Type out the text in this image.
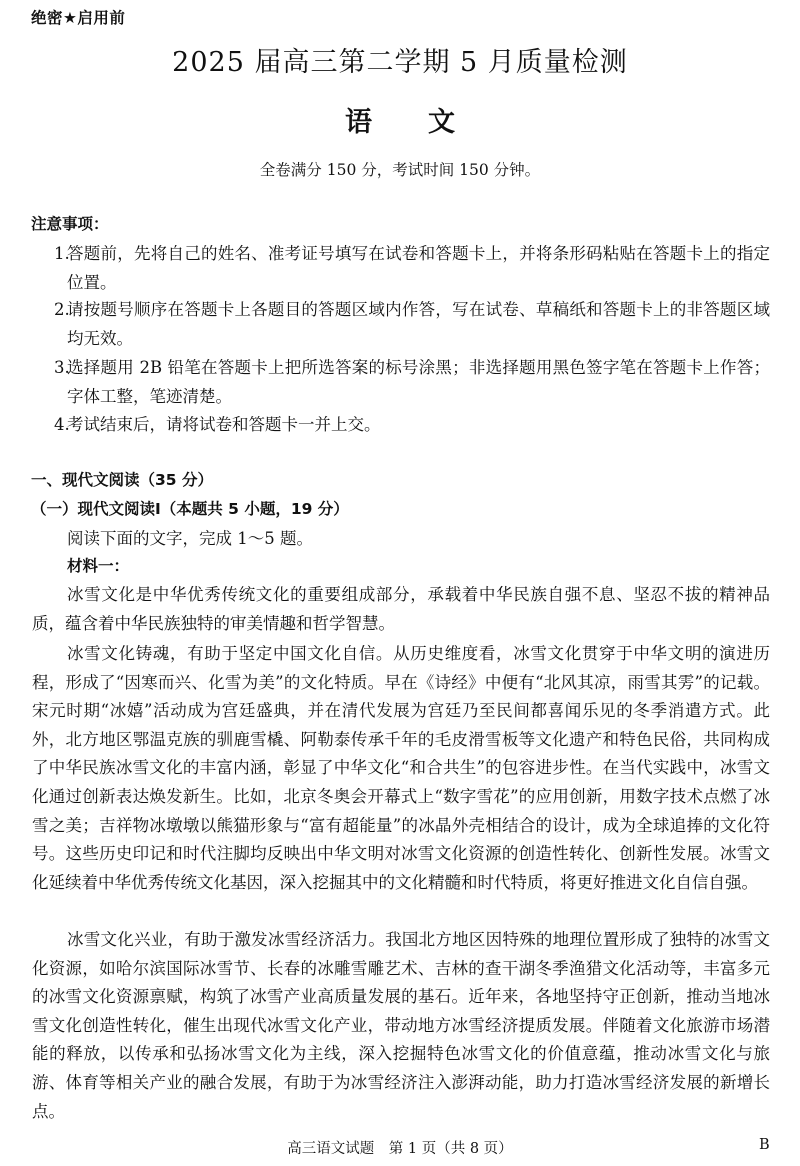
绝密★启用前
2025 届高三第二学期 5 月质量检测
语文
全卷满分 150 分，考试时间 150 分钟。
注意事项：
1.
答题前，先将自己的姓名、准考证号填写在试卷和答题卡上，并将条形码粘贴在答题卡上的指定位置。
2.
请按题号顺序在答题卡上各题目的答题区域内作答，写在试卷、草稿纸和答题卡上的非答题区域均无效。
3.
选择题用 2B 铅笔在答题卡上把所选答案的标号涂黑；非选择题用黑色签字笔在答题卡上作答；字体工整，笔迹清楚。
4.
考试结束后，请将试卷和答题卡一并上交。
一、现代文阅读（35 分）
（一）现代文阅读Ⅰ（本题共 5 小题，19 分）
阅读下面的文字，完成 1～5 题。
材料一：

冰雪文化是中华优秀传统文化的重要组成部分，承载着中华民族自强不息、坚忍不拔的精神品质，蕴含着中华民族独特的审美情趣和哲学智慧。

冰雪文化铸魂，有助于坚定中国文化自信。从历史维度看，冰雪文化贯穿于中华文明的演进历程，形成了“因寒而兴、化雪为美”的文化特质。早在《诗经》中便有“北风其凉，雨雪其雱”的记载。宋元时期“冰嬉”活动成为宫廷盛典，并在清代发展为宫廷乃至民间都喜闻乐见的冬季消遣方式。此外，北方地区鄂温克族的驯鹿雪橇、阿勒泰传承千年的毛皮滑雪板等文化遗产和特色民俗，共同构成了中华民族冰雪文化的丰富内涵，彰显了中华文化“和合共生”的包容进步性。在当代实践中，冰雪文化通过创新表达焕发新生。比如，北京冬奥会开幕式上“数字雪花”的应用创新，用数字技术点燃了冰雪之美；吉祥物冰墩墩以熊猫形象与“富有超能量”的冰晶外壳相结合的设计，成为全球追捧的文化符号。这些历史印记和时代注脚均反映出中华文明对冰雪文化资源的创造性转化、创新性发展。冰雪文化延续着中华优秀传统文化基因，深入挖掘其中的文化精髓和时代特质，将更好推进文化自信自强。

冰雪文化兴业，有助于激发冰雪经济活力。我国北方地区因特殊的地理位置形成了独特的冰雪文化资源，如哈尔滨国际冰雪节、长春的冰雕雪雕艺术、吉林的查干湖冬季渔猎文化活动等，丰富多元的冰雪文化资源禀赋，构筑了冰雪产业高质量发展的基石。近年来，各地坚持守正创新，推动当地冰雪文化创造性转化，催生出现代冰雪文化产业，带动地方冰雪经济提质发展。伴随着文化旅游市场潜能的释放，以传承和弘扬冰雪文化为主线，深入挖掘特色冰雪文化的价值意蕴，推动冰雪文化与旅游、体育等相关产业的融合发展，有助于为冰雪经济注入澎湃动能，助力打造冰雪经济发展的新增长点。

高三语文试题　第 1 页（共 8 页）	B
